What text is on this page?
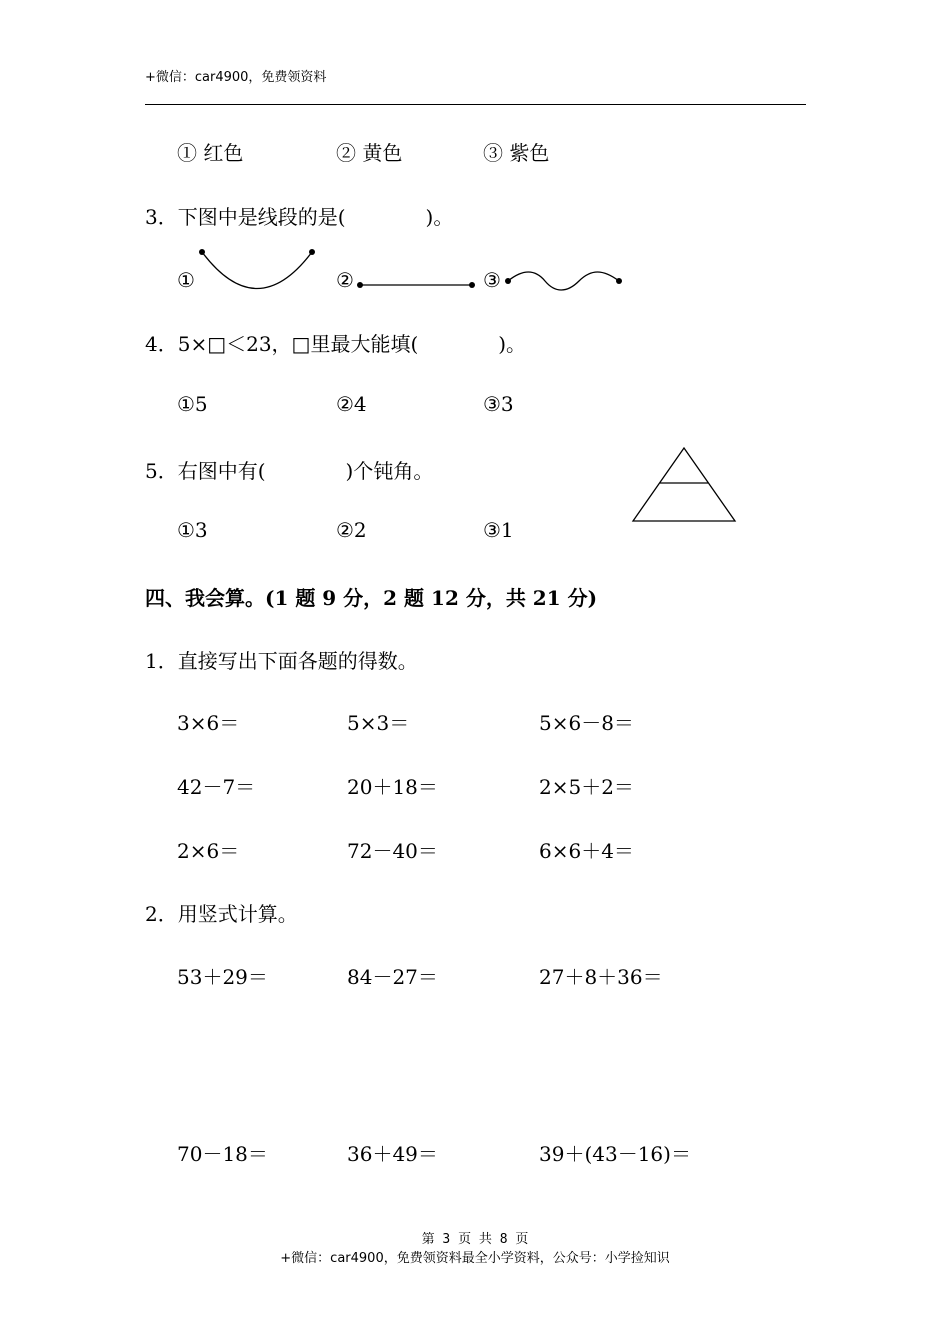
+微信：car4900，免费领资料
① 红色	② 黄色	③ 紫色
3．下图中是线段的是(　　　　)。
①	②	③
4．5×□＜23，□里最大能填(　　　　)。
①5	②4	③3
5．右图中有(　　　　)个钝角。
①3	②2	③1
四、我会算。(1 题 9 分，2 题 12 分，共 21 分)
1．直接写出下面各题的得数。
3×6＝	5×3＝	5×6－8＝
42－7＝	20＋18＝	2×5＋2＝
2×6＝	72－40＝	6×6＋4＝
2．用竖式计算。
53＋29＝	84－27＝	27＋8＋36＝
70－18＝	36＋49＝	39＋(43－16)＝
第 3 页 共 8 页
+微信：car4900，免费领资料最全小学资料，公众号：小学捡知识
